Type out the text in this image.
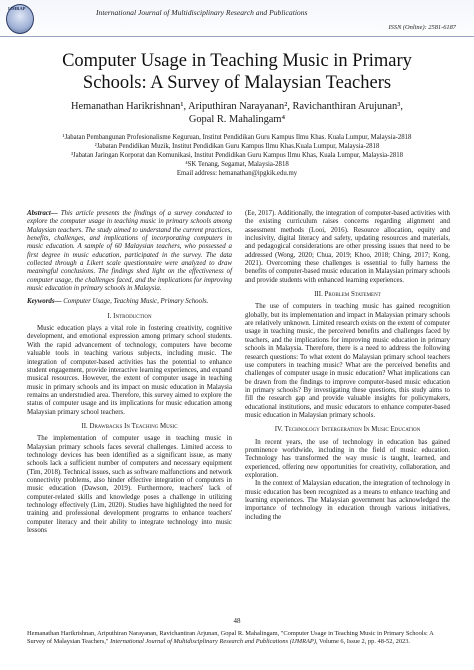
IJMRAP	International Journal of Multidisciplinary Research and Publications
ISSN (Online): 2581-6187
Computer Usage in Teaching Music in Primary
Schools: A Survey of Malaysian Teachers
Hemanathan Harikrishnan¹, Ariputhiran Narayanan², Ravichanthiran Arujunan³,
Gopal R. Mahalingam⁴
¹Jabatan Pembangunan Profesionalisme Keguruan, Institut Pendidikan Guru Kampus Ilmu Khas. Kuala Lumpur, Malaysia-2818
²Jabatan Pendidikan Muzik, Institut Pendidikan Guru Kampus Ilmu Khas.Kuala Lumpur, Malaysia-2818
³Jabatan Jaringan Korporat dan Komunikasi, Institut Pendidikan Guru Kampus Ilmu Khas, Kuala Lumpur, Malaysia-2818
⁴SK Tenang, Segamat, Malaysia-2818
Email address: hemanathan@ipgkik.edu.my

Abstract— This article presents the findings of a survey conducted to explore the computer usage in teaching music in primary schools among Malaysian teachers. The study aimed to understand the current practices, benefits, challenges, and implications of incorporating computers in music education. A sample of 60 Malaysian teachers, who possessed a first degree in music education, participated in the survey. The data collected through a Likert scale questionnaire were analyzed to draw meaningful conclusions. The findings shed light on the effectiveness of computer usage, the challenges faced, and the implications for improving music education in primary schools in Malaysia.

Keywords— Computer Usage, Teaching Music, Primary Schools.

I. Introduction

Music education plays a vital role in fostering creativity, cognitive development, and emotional expression among primary school students. With the rapid advancement of technology, computers have become valuable tools in teaching various subjects, including music. The integration of computer-based activities has the potential to enhance student engagement, provide interactive learning experiences, and expand musical resources. However, the extent of computer usage in teaching music in primary schools and its impact on music education in Malaysia remains an understudied area. Therefore, this survey aimed to explore the status of computer usage and its implications for music education among Malaysian primary school teachers.

II. Drawbacks In Teaching Music

The implementation of computer usage in teaching music in Malaysian primary schools faces several challenges. Limited access to technology devices has been identified as a significant issue, as many schools lack a sufficient number of computers and necessary equipment (Tim, 2018). Technical issues, such as software malfunctions and network connectivity problems, also hinder effective integration of computers in music education (Dawson, 2019). Furthermore, teachers' lack of computer-related skills and knowledge poses a challenge in utilizing technology effectively (Lim, 2020). Studies have highlighted the need for training and professional development programs to enhance teachers' computer literacy and their ability to integrate technology into music lessons

(Ee, 2017). Additionally, the integration of computer-based activities with the existing curriculum raises concerns regarding alignment and assessment methods (Looi, 2016). Resource allocation, equity and inclusivity, digital literacy and safety, updating resources and materials, and pedagogical considerations are other pressing issues that need to be addressed (Wong, 2020; Chua, 2019; Khoo, 2018; Ching, 2017; Kong, 2021). Overcoming these challenges is essential to fully harness the benefits of computer-based music education in Malaysian primary schools and provide students with enhanced learning experiences.

III. Problem Statement

The use of computers in teaching music has gained recognition globally, but its implementation and impact in Malaysian primary schools are relatively unknown. Limited research exists on the extent of computer usage in teaching music, the perceived benefits and challenges faced by teachers, and the implications for improving music education in primary schools in Malaysia. Therefore, there is a need to address the following research questions: To what extent do Malaysian primary school teachers use computers in teaching music? What are the perceived benefits and challenges of computer usage in music education? What implications can be drawn from the findings to improve computer-based music education in primary schools? By investigating these questions, this study aims to fill the research gap and provide valuable insights for policymakers, educational institutions, and music educators to enhance computer-based music education in Malaysian primary schools.

IV. Technology Intergeration In Music Education

In recent years, the use of technology in education has gained prominence worldwide, including in the field of music education. Technology has transformed the way music is taught, learned, and experienced, offering new opportunities for creativity, collaboration, and exploration.

In the context of Malaysian education, the integration of technology in music education has been recognized as a means to enhance teaching and learning experiences. The Malaysian government has acknowledged the importance of technology in education through various initiatives, including the

48
Hemanathan Harikrishnan, Ariputhiran Narayanan, Ravichantiran Arjunan, Gopal R. Mahalingam, "Computer Usage in Teaching Music in Primary Schools: A Survey of Malaysian Teachers," International Journal of Multidisciplinary Research and Publications (IJMRAP), Volume 6, Issue 2, pp. 48-52, 2023.
